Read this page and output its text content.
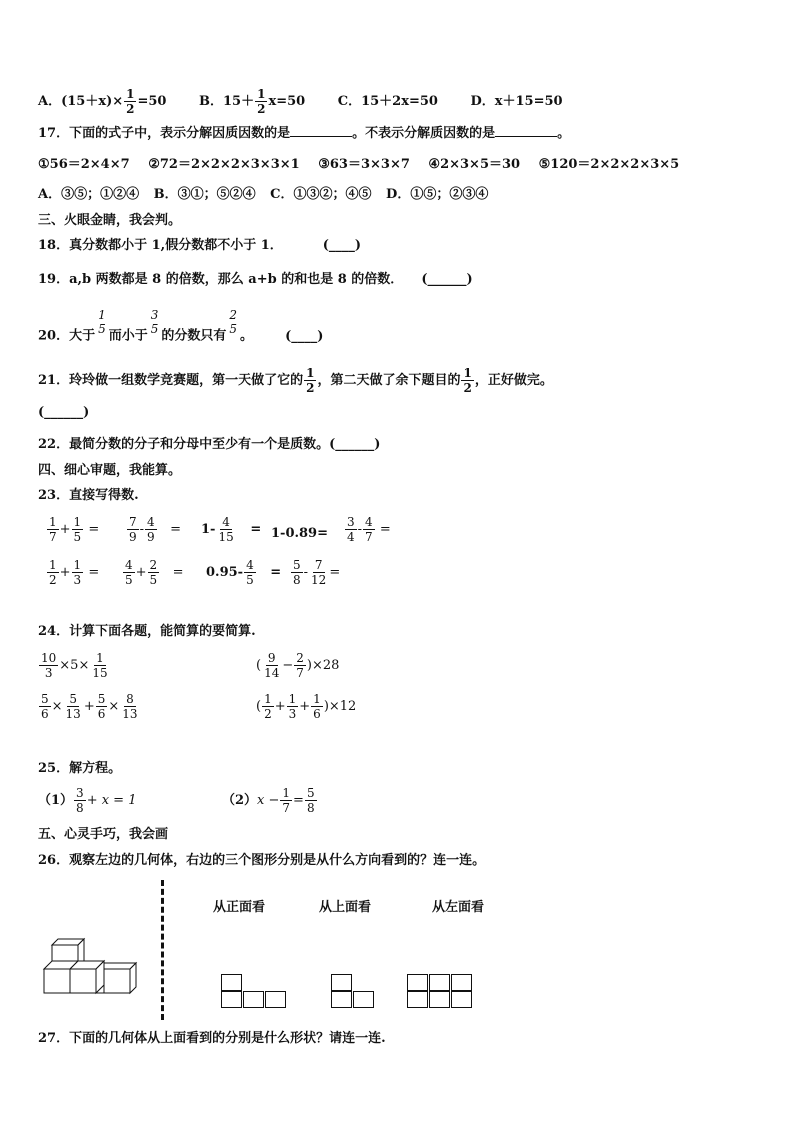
A．$(15+x)\times \frac{1}{2} =50$	B．$15+ \frac{1}{2} x=50$	C．15＋2x=50	D．x＋15=50
17．下面的式子中，表示分解因质因数的是	。不表示分解质因数的是	。
①56＝2×4×7 ②72＝2×2×2×3×3×1 ③63＝3×3×7 ④2×3×5＝30 ⑤120＝2×2×2×3×5
A．③⑤；①②④ B．③①；⑤②④ C．①③②；④⑤ D．①⑤；②③④
三、火眼金睛，我会判。
18．真分数都小于 1,假分数都不小于 1．	(____)
19．a,b 两数都是 8 的倍数，那么 a+b 的和也是 8 的倍数． (______)
20．大于
1
5 而小于
3
5 的分数只有
2
5 。 (____)
21．玲玲做一组数学竞赛题，第一天做了它的 $\frac{1}{2}$ ，第二天做了余下题目的 $\frac{1}{2}$ ，正好做完。
(______)
22．最简分数的分子和分母中至少有一个是质数。(______)
四、细心审题，我能算。
23．直接写得数.
$\frac{1}{7} + \frac{1}{5} = \frac{7}{9} - \frac{4}{9} = 1- \frac{4}{15} = 1-0.89= \frac{3}{4} - \frac{4}{7}$ =
$\frac{1}{2} + \frac{1}{3} = \frac{4}{5} + \frac{2}{5} = 0.95- \frac{4}{5} = \frac{5}{8} - \frac{7}{12}$ =
24．计算下面各题，能简算的要简算.
$\frac{10}{3} \times 5\times \frac{1}{15}$	( $\frac{9}{14} - \frac{2}{7} )\times 28$
$\frac{5}{6} \times \frac{5}{13} + \frac{5}{6} \times \frac{8}{13}$	( $\frac{1}{2} + \frac{1}{3} + \frac{1}{6} )\times 12$
25．解方程。
$(1) \frac{3}{8} + x = 1$	$(2)x - \frac{1}{7} = \frac{5}{8}$
五、心灵手巧，我会画
26．观察左边的几何体，右边的三个图形分别是从什么方向看到的？连一连。
从正面看	从上面看	从左面看
27．下面的几何体从上面看到的分别是什么形状？请连一连.
